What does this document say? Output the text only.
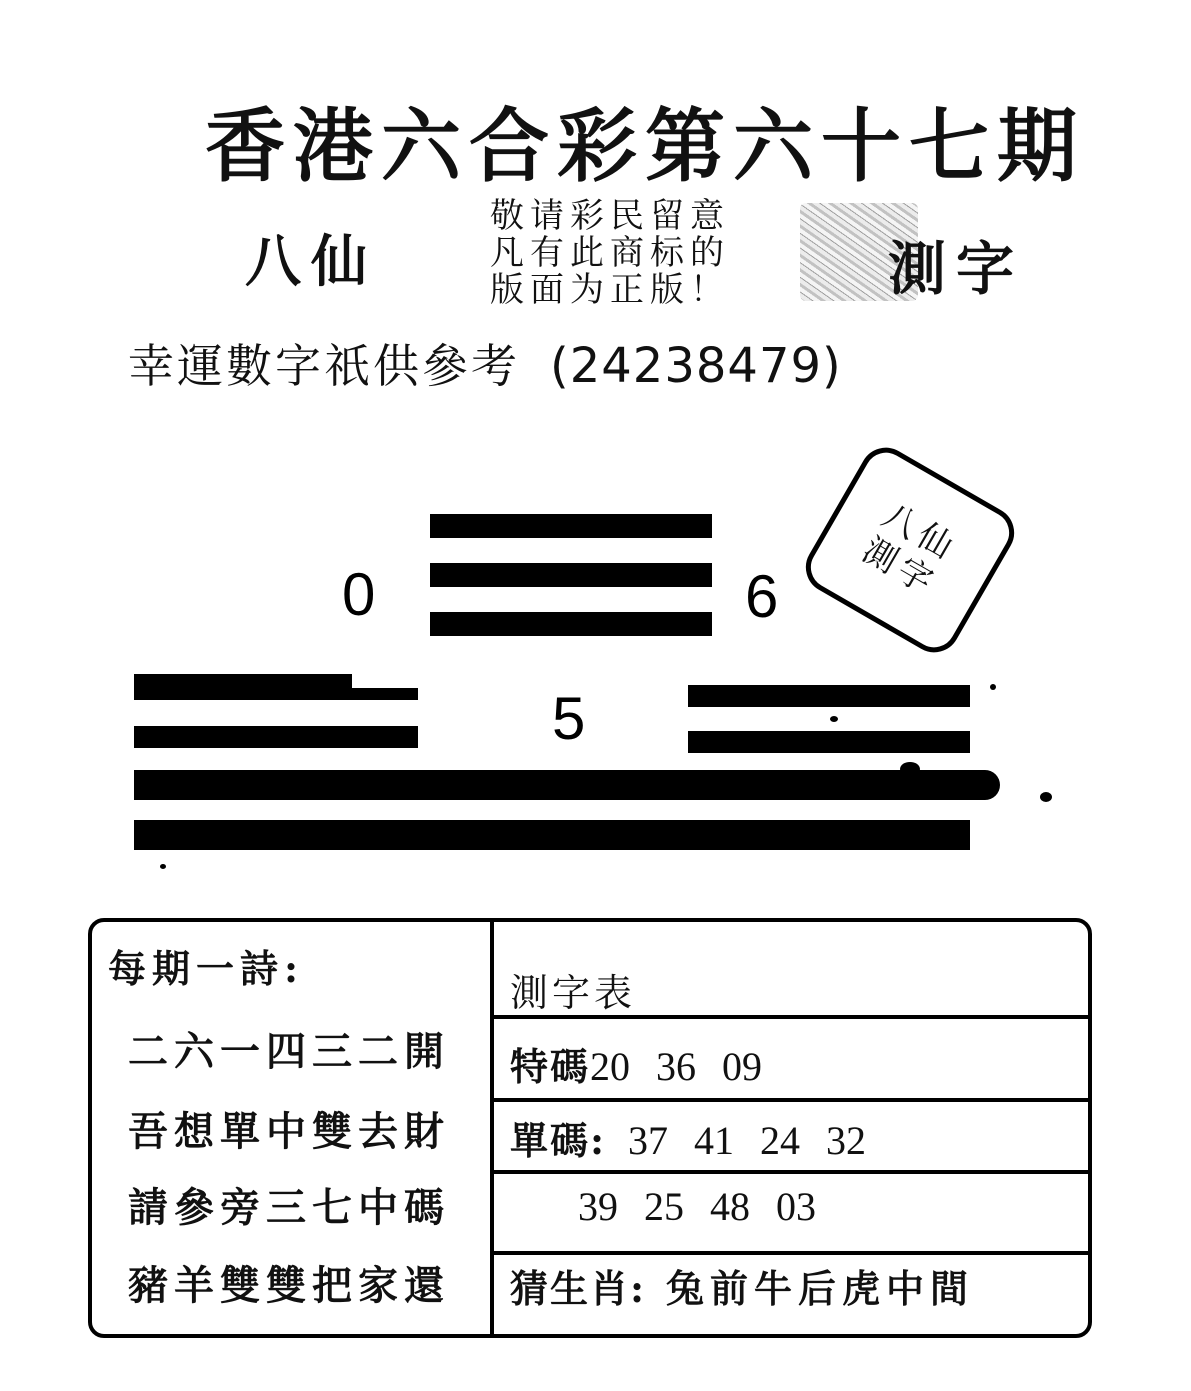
香港六合彩第六十七期
八仙
敬请彩民留意
凡有此商标的
版面为正版！	測字
幸運數字祇供參考 (24238479)
0	6
5
八仙
測字
每期一詩:
二六一四三二開
吾想單中雙去財
請參旁三七中碼
豬羊雙雙把家還
測字表
特碼20 36 09
單碼: 37 41 24 32
39 25 48 03
猜生肖: 兔前牛后虎中間
